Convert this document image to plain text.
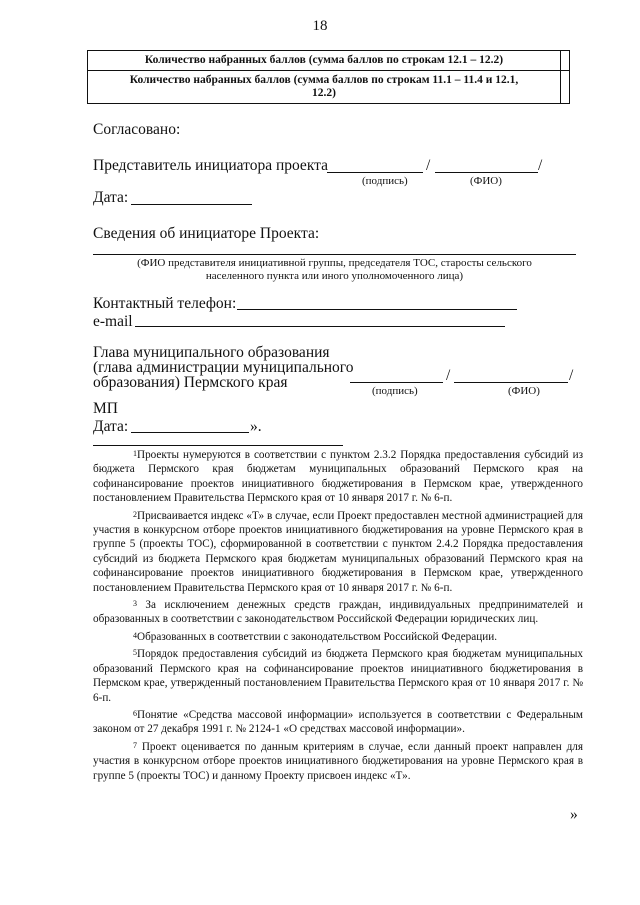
18
Количество набранных баллов (сумма баллов по строкам 12.1 – 12.2)	
Количество набранных баллов (сумма баллов по строкам 11.1 – 11.4 и 12.1, 12.2)	
Согласовано:
Представитель инициатора проекта	/	/
(подпись)	(ФИО)
Дата:
Сведения об инициаторе Проекта:
(ФИО представителя инициативной группы, председателя ТОС, старосты сельского
населенного пункта или иного уполномоченного лица)
Контактный телефон:
e-mail
Глава муниципального образования
(глава администрации муниципального
образования) Пермского края	/	/
(подпись)	(ФИО)
МП
Дата:	».

$^1$Проекты нумеруются в соответствии с пунктом 2.3.2 Порядка предоставления субсидий из бюджета Пермского края бюджетам муниципальных образований Пермского края на софинансирование проектов инициативного бюджетирования в Пермском крае, утвержденного постановлением Правительства Пермского края от 10 января 2017 г. № 6-п.

$^2$Присваивается индекс «Т» в случае, если Проект предоставлен местной администрацией для участия в конкурсном отборе проектов инициативного бюджетирования на уровне Пермского края в группе 5 (проекты ТОС), сформированной в соответствии с пунктом 2.4.2 Порядка предоставления субсидий из бюджета Пермского края бюджетам муниципальных образований Пермского края на софинансирование проектов инициативного бюджетирования в Пермском крае, утвержденного постановлением Правительства Пермского края от 10 января 2017 г. № 6-п.

$^3$ За исключением денежных средств граждан, индивидуальных предпринимателей и образованных в соответствии с законодательством Российской Федерации юридических лиц.

$^4$Образованных в соответствии с законодательством Российской Федерации.

$^5$Порядок предоставления субсидий из бюджета Пермского края бюджетам муниципальных образований Пермского края на софинансирование проектов инициативного бюджетирования в Пермском крае, утвержденный постановлением Правительства Пермского края от 10 января 2017 г. № 6-п.

$^6$Понятие «Средства массовой информации» используется в соответствии с Федеральным законом от 27 декабря 1991 г. № 2124-1 «О средствах массовой информации».

$^7$ Проект оценивается по данным критериям в случае, если данный проект направлен для участия в конкурсном отборе проектов инициативного бюджетирования на уровне Пермского края в группе 5 (проекты ТОС) и данному Проекту присвоен индекс «Т».

»
